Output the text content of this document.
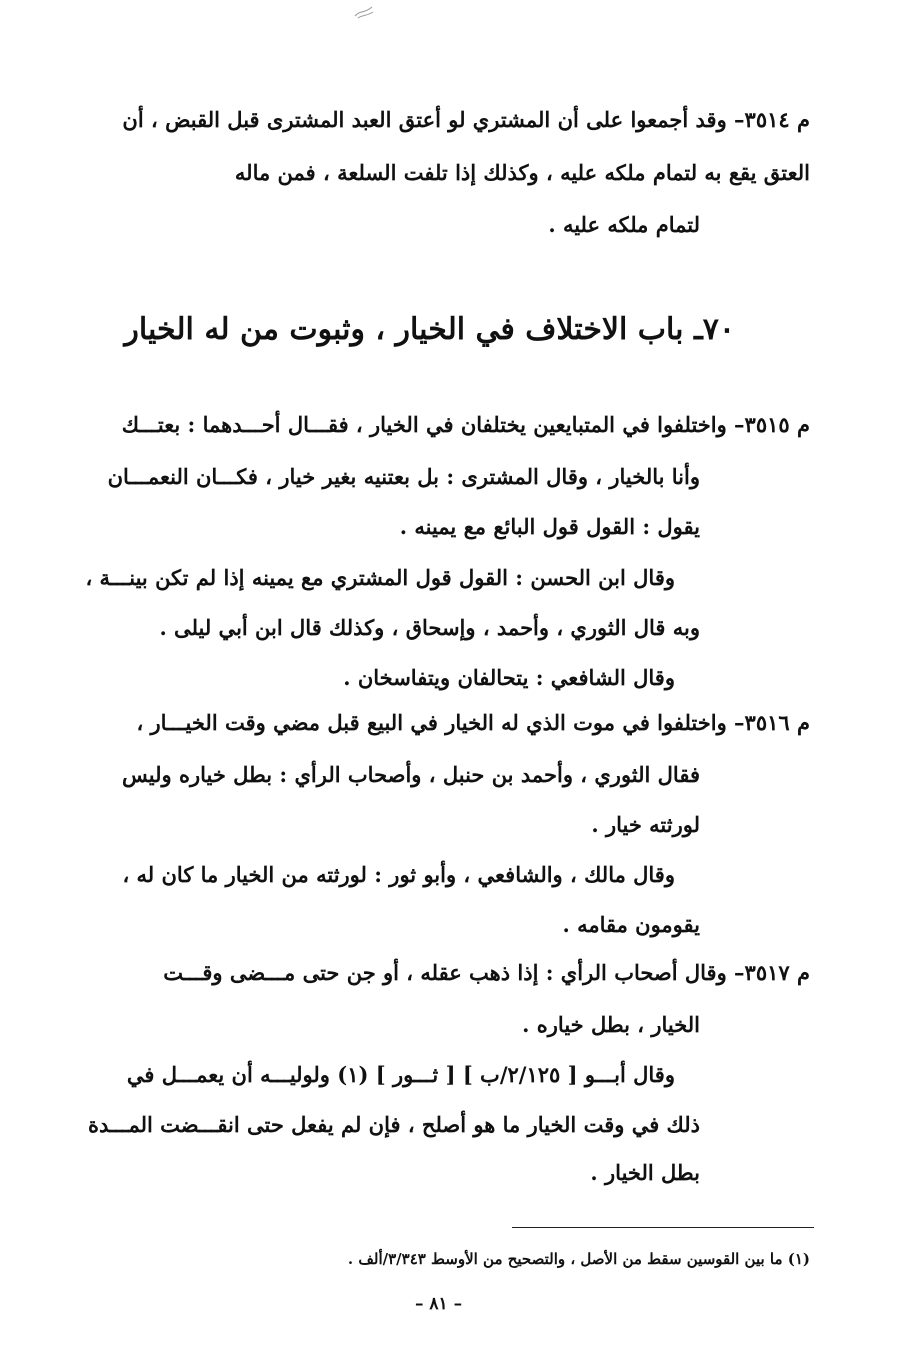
م ٣٥١٤– وقد أجمعوا على أن المشتري لو أعتق العبد المشترى قبل القبض ، أن
العتق يقع به لتمام ملكه عليه ، وكذلك إذا تلفت السلعة ، فمن ماله
لتمام ملكه عليه .
٧٠ـ باب الاختلاف في الخيار ، وثبوت من له الخيار
م ٣٥١٥– واختلفوا في المتبايعين يختلفان في الخيار ، فقـــال أحـــدهما : بعتـــك
وأنا بالخيار ، وقال المشترى : بل بعتنيه بغير خيار ، فكـــان النعمـــان
يقول : القول قول البائع مع يمينه .
وقال ابن الحسن : القول قول المشتري مع يمينه إذا لم تكن بينـــة ،
وبه قال الثوري ، وأحمد ، وإسحاق ، وكذلك قال ابن أبي ليلى .
وقال الشافعي : يتحالفان ويتفاسخان .
م ٣٥١٦– واختلفوا في موت الذي له الخيار في البيع قبل مضي وقت الخيـــار ،
فقال الثوري ، وأحمد بن حنبل ، وأصحاب الرأي : بطل خياره وليس
لورثته خيار .
وقال مالك ، والشافعي ، وأبو ثور : لورثته من الخيار ما كان له ،
يقومون مقامه .
م ٣٥١٧– وقال أصحاب الرأي : إذا ذهب عقله ، أو جن حتى مـــضى وقـــت
الخيار ، بطل خياره .
وقال أبـــو [ ٢/١٢٥/ب ] [ ثـــور ] (١) ولوليـــه أن يعمـــل في
ذلك في وقت الخيار ما هو أصلح ، فإن لم يفعل حتى انقـــضت المـــدة
بطل الخيار .
(١) ما بين القوسين سقط من الأصل ، والتصحيح من الأوسط ٣/٣٤٣/ألف .
– ٨١ –
